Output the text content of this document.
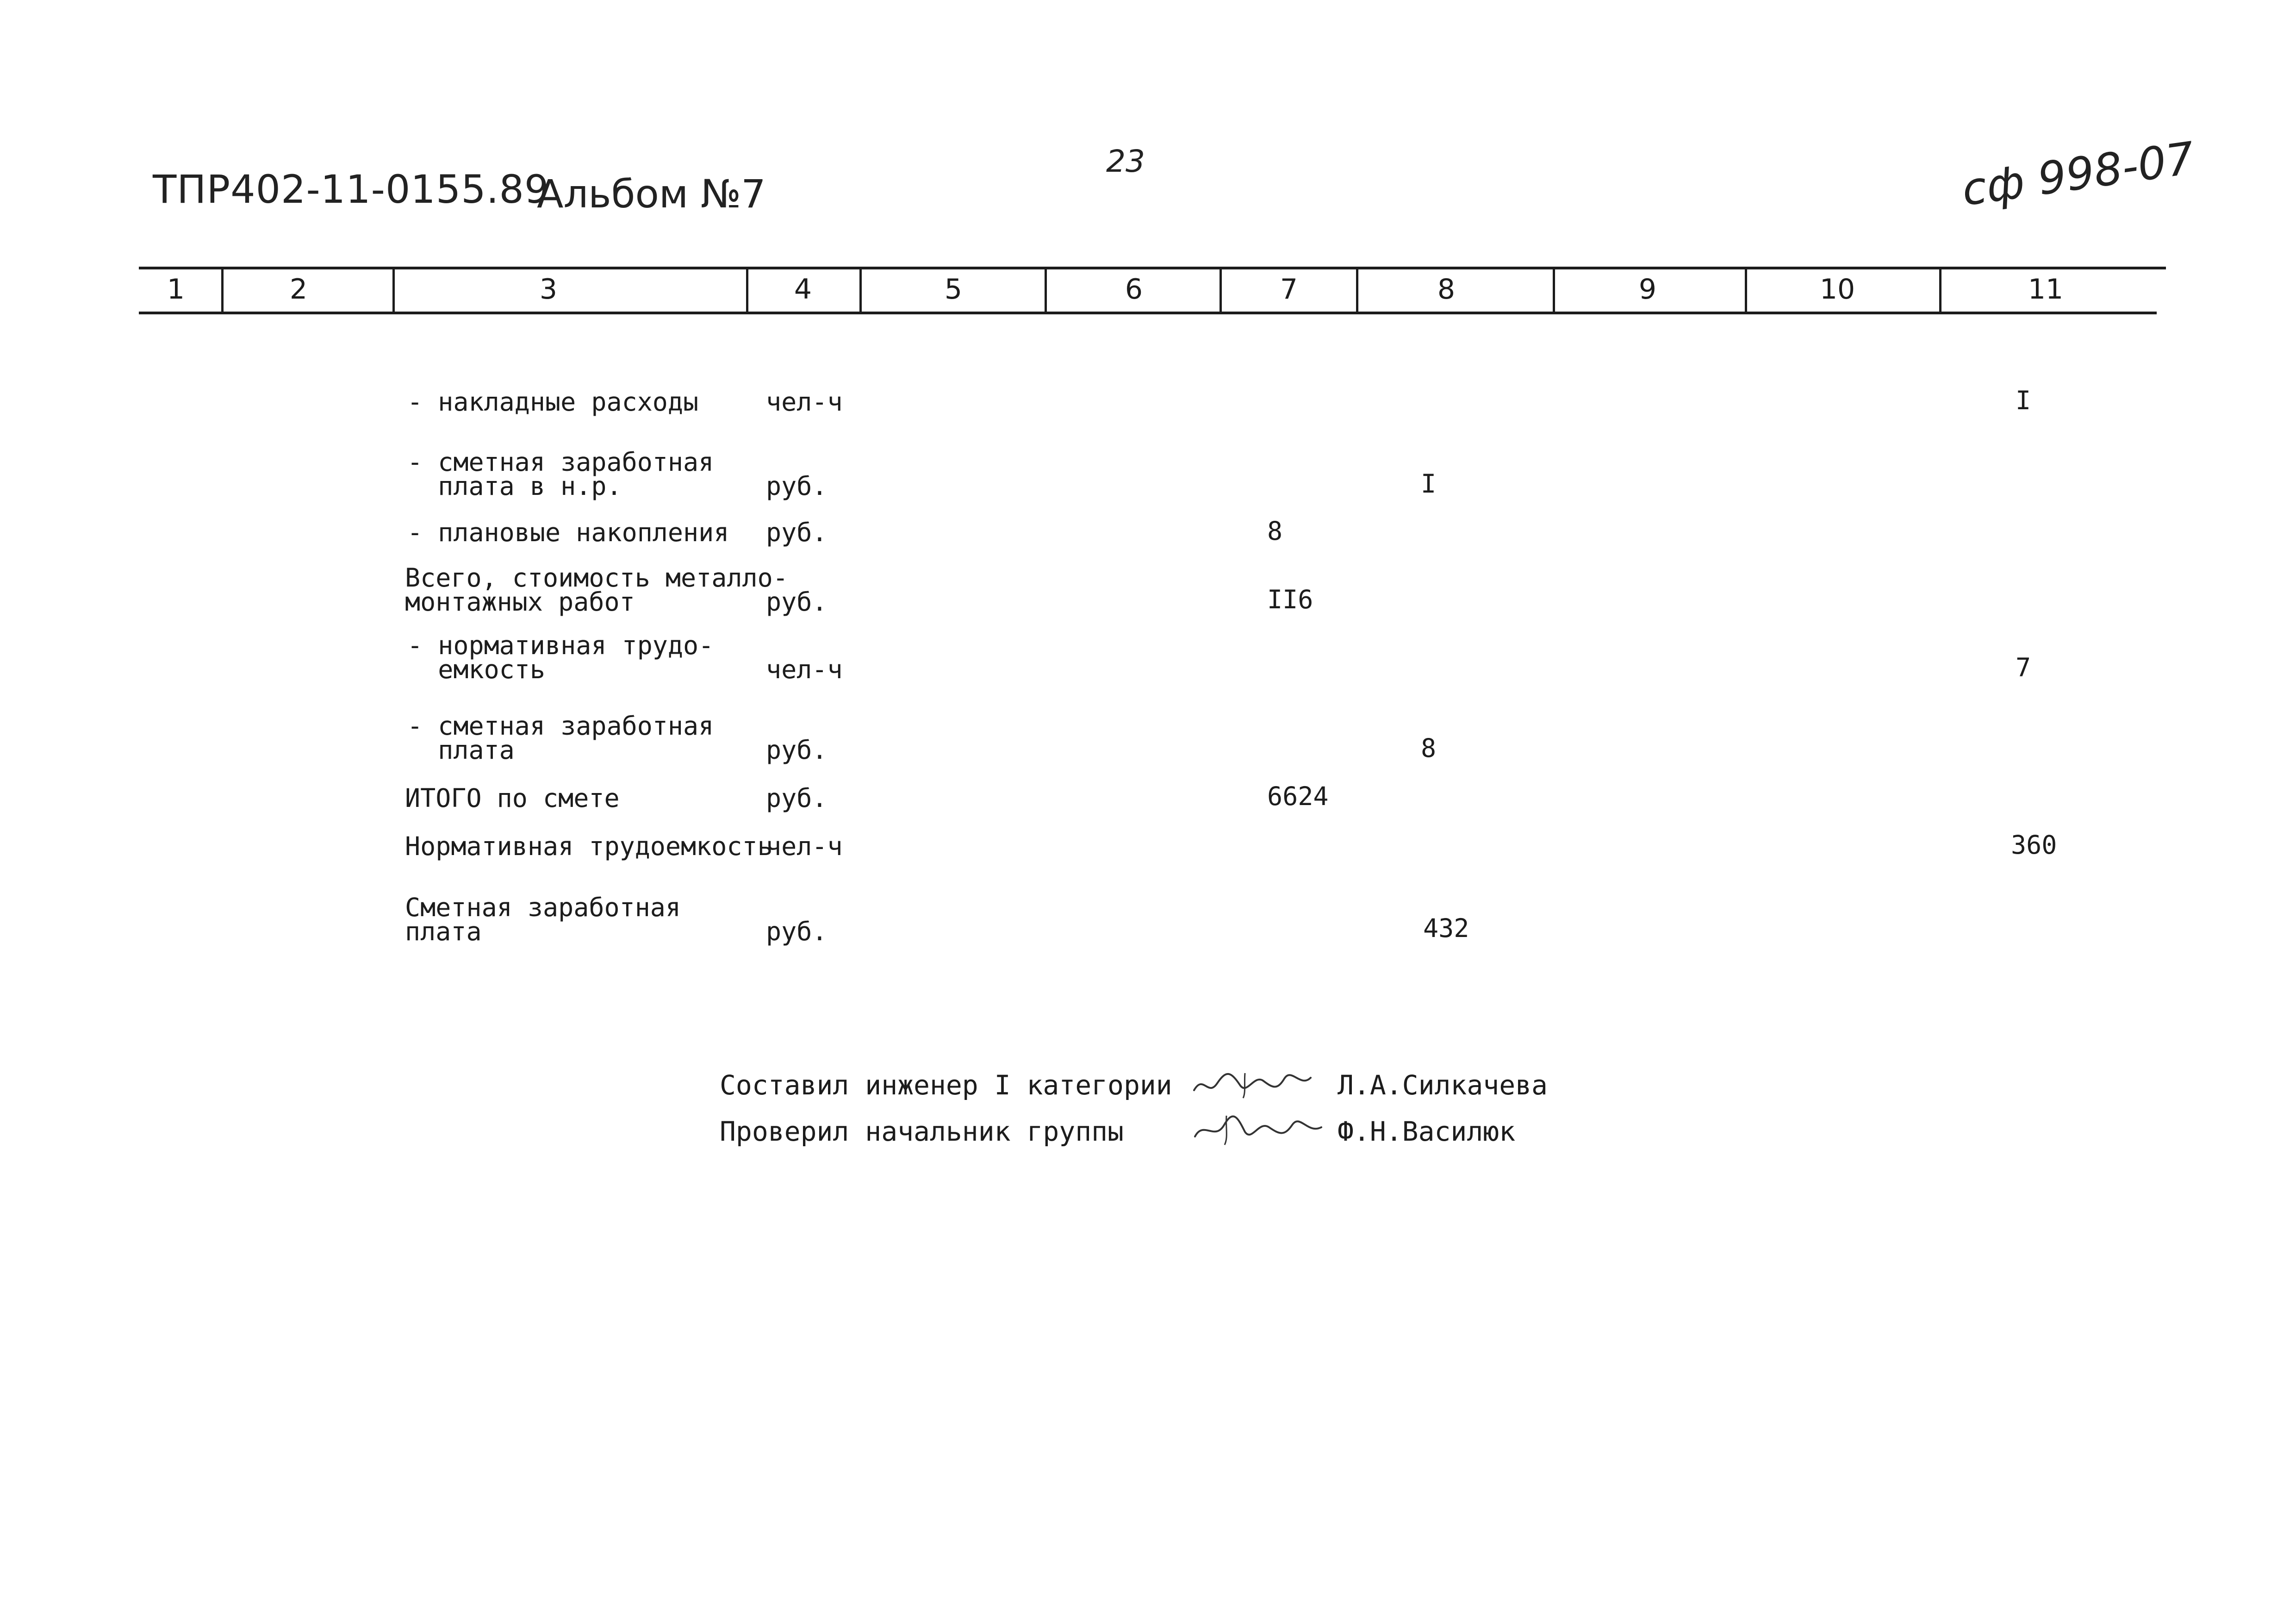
ТПР402-11-0155.89
Альбом №7
23	сф 998-07
1	2	3	4	5	6	7	8	9	10	11
- накладные расходы	чел-ч	I
- сметная заработная
плата в н.р.	руб.	I
- плановые накопления руб.	8
Всего, стоимость металло-
монтажных работ	руб.	II6
- нормативная трудо-
емкость	чел-ч	7
- сметная заработная
плата	руб.	8
ИТОГО по смете	руб.	6624
Нормативная трудоемкость
чел-ч	360
Сметная заработная
плата	руб.	432
Составил инженер I категории	Л.А.Силкачева
Проверил начальник группы	Ф.Н.Василюк
